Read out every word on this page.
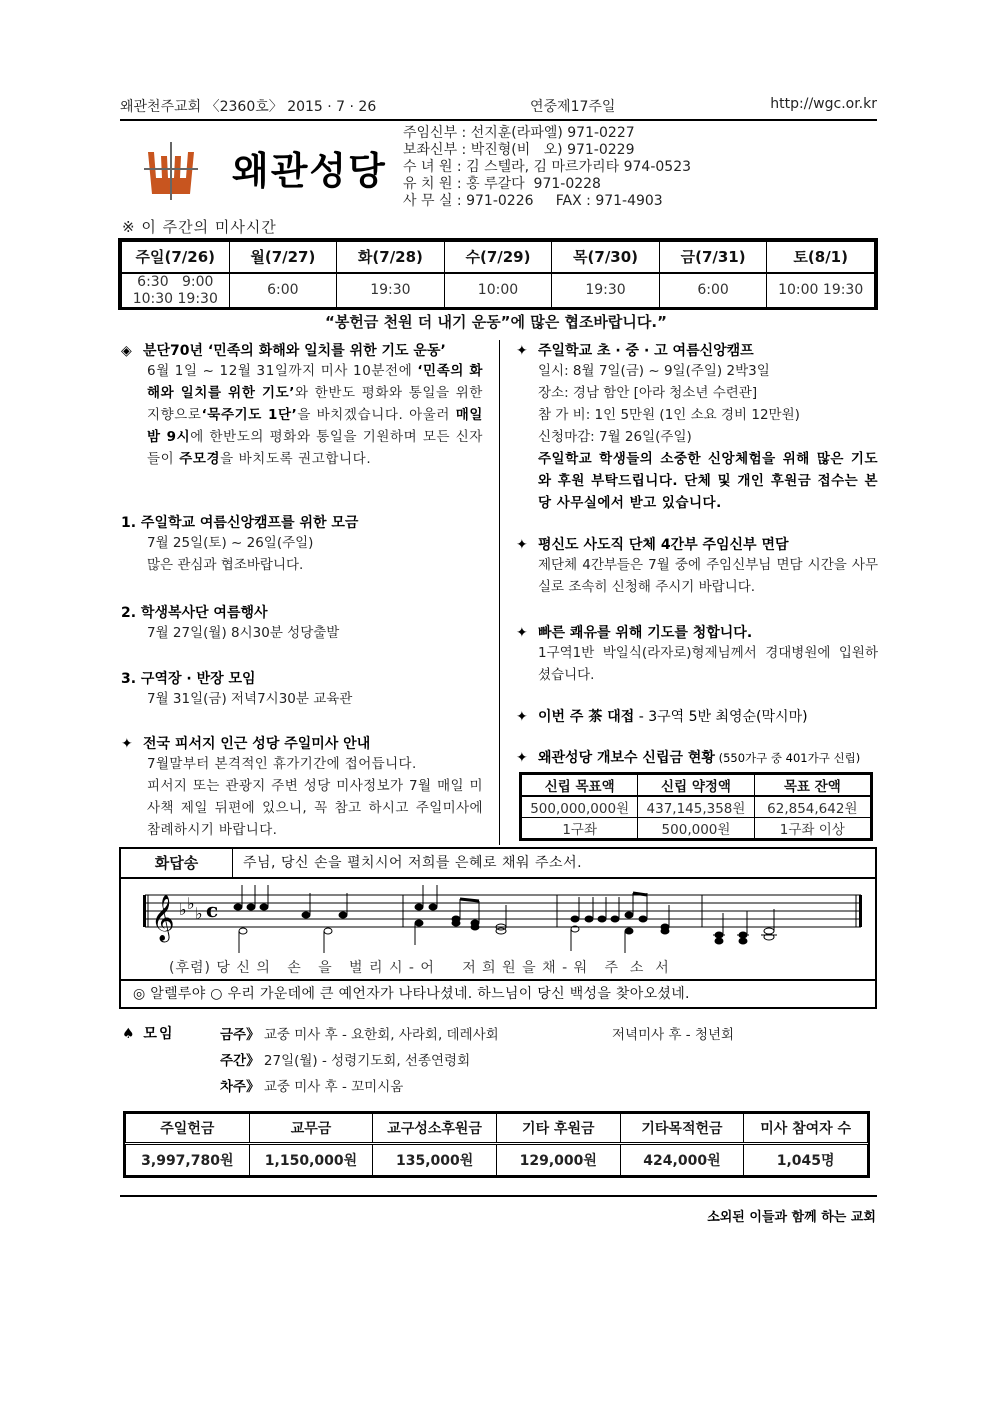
왜관천주교회 〈2360호〉 2015 · 7 · 26	연중제17주일	http://wgc.or.kr
왜관성당
주임신부 : 선지훈(라파엘) 971-0227
보좌신부 : 박진형(비   오) 971-0229
수 녀 원 : 김 스텔라, 김 마르가리타 974-0523
유 치 원 : 홍 루갈다  971-0228
사 무 실 : 971-0226     FAX : 971-4903
※ 이 주간의 미사시간
주일(7/26)	월(7/27)	화(7/28)	수(7/29)	목(7/30)	금(7/31)	토(8/1)

6:30   9:00
10:30 19:30	6:00	19:30	10:00	19:30	6:00	10:00 19:30
“봉헌금 천원 더 내기 운동”에 많은 협조바랍니다.”
◈ 분단70년 ‘민족의 화해와 일치를 위한 기도 운동’
6월 1일 ~ 12월 31일까지 미사 10분전에 ‘민족의 화해와 일치를 위한 기도’와 한반도 평화와 통일을 위한 지향으로‘묵주기도 1단’을 바치겠습니다. 아울러 매일 밤 9시에 한반도의 평화와 통일을 기원하며 모든 신자들이 주모경을 바치도록 권고합니다.
1. 주일학교 여름신앙캠프를 위한 모금
7월 25일(토) ~ 26일(주일)
많은 관심과 협조바랍니다.
2. 학생복사단 여름행사
7월 27일(월) 8시30분 성당출발
3. 구역장 · 반장 모임
7월 31일(금) 저녁7시30분 교육관
✦ 전국 피서지 인근 성당 주일미사 안내
7월말부터 본격적인 휴가기간에 접어듭니다.
피서지 또는 관광지 주변 성당 미사정보가 7월 매일 미사책 제일 뒤편에 있으니, 꼭 참고 하시고 주일미사에 참례하시기 바랍니다.
✦ 주일학교 초 · 중 · 고 여름신앙캠프
일시: 8월 7일(금) ~ 9일(주일) 2박3일
장소: 경남 함안 [아라 청소년 수련관]
참 가 비: 1인 5만원 (1인 소요 경비 12만원)
신청마감: 7월 26일(주일)
주일학교 학생들의 소중한 신앙체험을 위해 많은 기도와 후원 부탁드립니다. 단체 및 개인 후원금 접수는 본당 사무실에서 받고 있습니다.
✦ 평신도 사도직 단체 4간부 주임신부 면담
제단체 4간부들은 7월 중에 주임신부님 면담 시간을 사무실로 조속히 신청해 주시기 바랍니다.
✦ 빠른 쾌유를 위해 기도를 청합니다.
1구역1반 박일식(라자로)형제님께서 경대병원에 입원하셨습니다.
✦ 이번 주 茶 대접 - 3구역 5반 최영순(막시마)
✦ 왜관성당 개보수 신립금 현황 (550가구 중 401가구 신립)
신립 목표액	신립 약정액	목표 잔액
500,000,000원	437,145,358원	62,854,642원
1구좌	500,000원	1구좌 이상
화답송	주님, 당신 손을 펼치시어 저희를 은혜로 채워 주소서.
𝄞 ♭ ♭
♭ c
(후렴) 당 신 의   손   을   벌 리 시 - 어     저 희 원 을 채 - 워   주  소  서
◎ 알렐루야 ○ 우리 가운데에 큰 예언자가 나타나셨네. 하느님이 당신 백성을 찾아오셨네.
♠ 모임	금주》 교중 미사 후 - 요한회, 사라회, 데레사회	저녁미사 후 - 청년회
주간》 27일(월) - 성령기도회, 선종연령회
차주》 교중 미사 후 - 꼬미시움
주일헌금	교무금	교구성소후원금	기타 후원금	기타목적헌금	미사 참여자 수
3,997,780원	1,150,000원	135,000원	129,000원	424,000원	1,045명
소외된 이들과 함께 하는 교회
